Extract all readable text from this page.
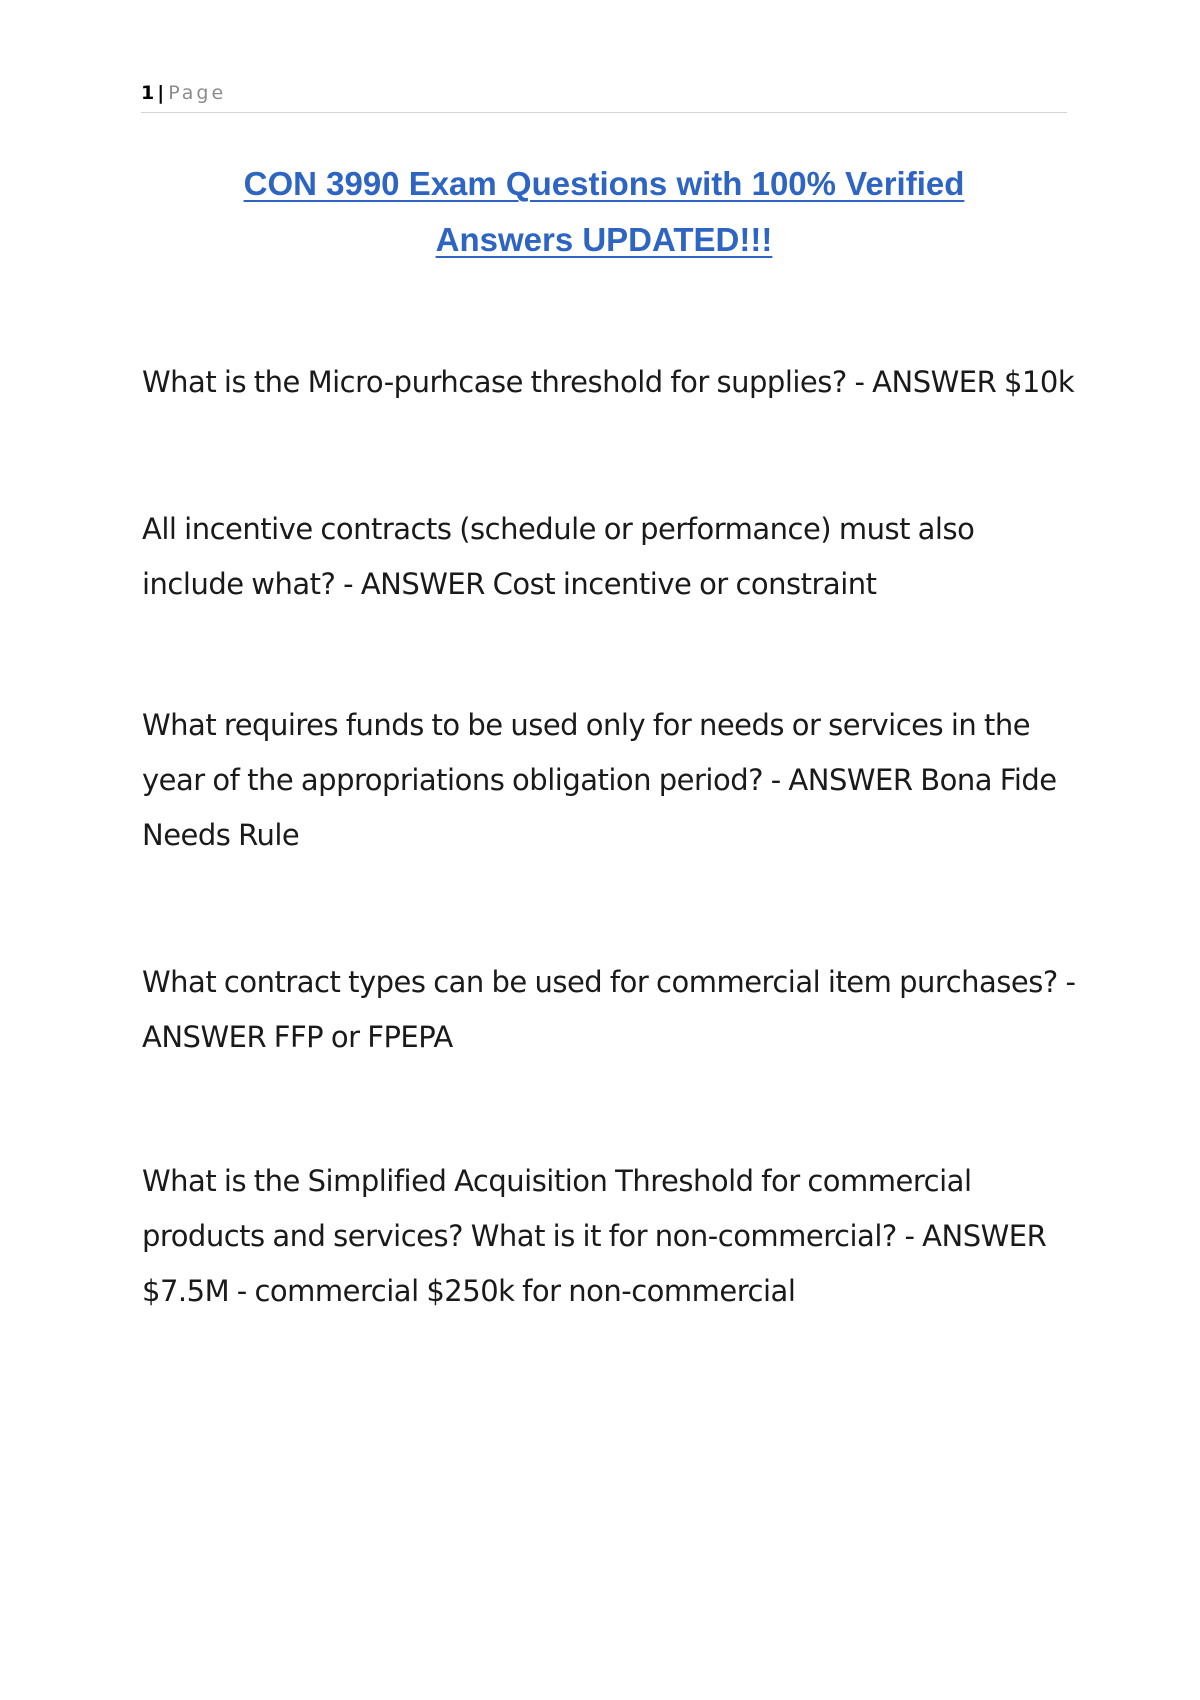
1 | Page
CON 3990 Exam Questions with 100% Verified
Answers UPDATED!!!

What is the Micro-purhcase threshold for supplies? - ANSWER $10k

All incentive contracts (schedule or performance) must also include what? - ANSWER Cost incentive or constraint

What requires funds to be used only for needs or services in the year of the appropriations obligation period? - ANSWER Bona Fide Needs Rule

What contract types can be used for commercial item purchases? - ANSWER FFP or FPEPA

What is the Simplified Acquisition Threshold for commercial products and services? What is it for non-commercial? - ANSWER $7.5M - commercial $250k for non-commercial
